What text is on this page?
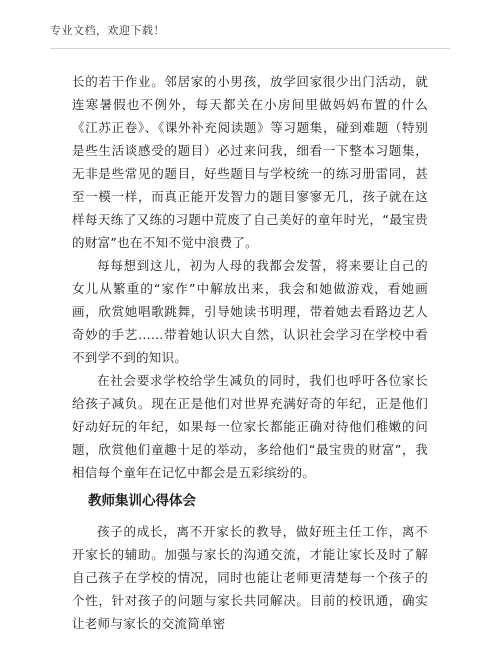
专业文档，欢迎下载！

长的若干作业。邻居家的小男孩，放学回家很少出门活动，就连寒暑假也不例外，每天都关在小房间里做妈妈布置的什么《江苏正卷》、《课外补充阅读题》等习题集，碰到难题（特别是些生活谈感受的题目）必过来问我，细看一下整本习题集，无非是些常见的题目，好些题目与学校统一的练习册雷同，甚至一模一样，而真正能开发智力的题目寥寥无几，孩子就在这样每天练了又练的习题中荒废了自己美好的童年时光，“最宝贵的财富”也在不知不觉中浪费了。

每每想到这儿，初为人母的我都会发誓，将来要让自己的女儿从繁重的“家作”中解放出来，我会和她做游戏，看她画画，欣赏她唱歌跳舞，引导她读书明理，带着她去看路边艺人奇妙的手艺……带着她认识大自然，认识社会学习在学校中看不到学不到的知识。

在社会要求学校给学生减负的同时，我们也呼吁各位家长给孩子减负。现在正是他们对世界充满好奇的年纪，正是他们好动好玩的年纪，如果每一位家长都能正确对待他们稚嫩的问题，欣赏他们童趣十足的举动，多给他们“最宝贵的财富”，我相信每个童年在记忆中都会是五彩缤纷的。

教师集训心得体会

孩子的成长，离不开家长的教导，做好班主任工作，离不开家长的辅助。加强与家长的沟通交流，才能让家长及时了解自己孩子在学校的情况，同时也能让老师更清楚每一个孩子的个性，针对孩子的问题与家长共同解决。目前的校讯通，确实让老师与家长的交流简单密
